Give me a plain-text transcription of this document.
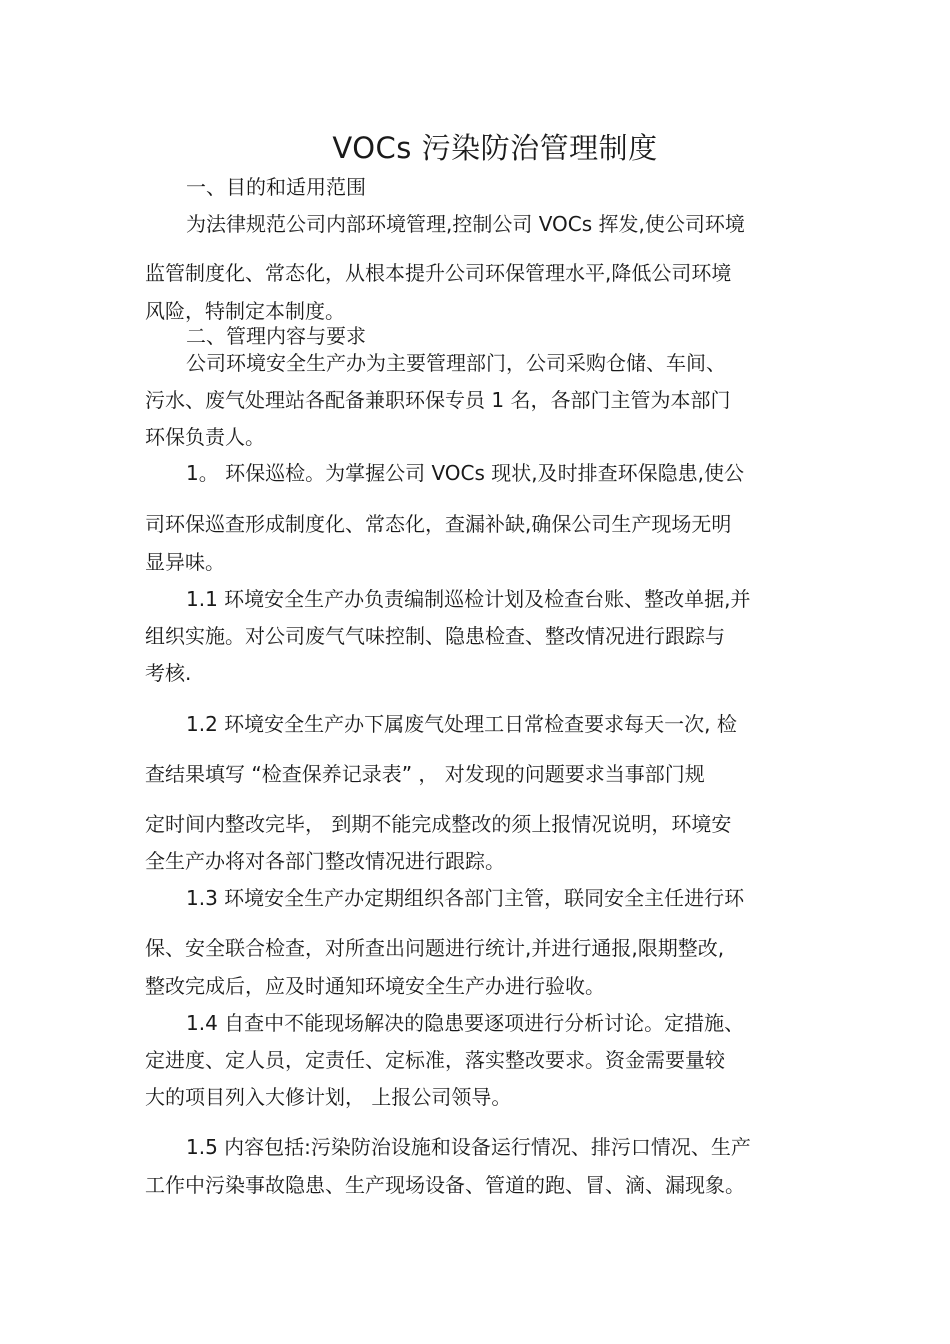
VOCs 污染防治管理制度
一、目的和适用范围
为法律规范公司内部环境管理,控制公司 VOCs 挥发,使公司环境
监管制度化、常态化，从根本提升公司环保管理水平,降低公司环境
风险，特制定本制度。
二、管理内容与要求
公司环境安全生产办为主要管理部门，公司采购仓储、车间、
污水、废气处理站各配备兼职环保专员 1 名，各部门主管为本部门
环保负责人。
1。 环保巡检。为掌握公司 VOCs 现状,及时排查环保隐患,使公
司环保巡查形成制度化、常态化，查漏补缺,确保公司生产现场无明
显异味。
1.1 环境安全生产办负责编制巡检计划及检查台账、整改单据,并
组织实施。对公司废气气味控制、隐患检查、整改情况进行跟踪与
考核.
1.2 环境安全生产办下属废气处理工日常检查要求每天一次, 检
查结果填写 “检查保养记录表” ， 对发现的问题要求当事部门规
定时间内整改完毕， 到期不能完成整改的须上报情况说明，环境安
全生产办将对各部门整改情况进行跟踪。
1.3 环境安全生产办定期组织各部门主管，联同安全主任进行环
保、安全联合检查，对所查出问题进行统计,并进行通报,限期整改,
整改完成后，应及时通知环境安全生产办进行验收。
1.4 自查中不能现场解决的隐患要逐项进行分析讨论。定措施、
定进度、定人员，定责任、定标准，落实整改要求。资金需要量较
大的项目列入大修计划， 上报公司领导。
1.5 内容包括:污染防治设施和设备运行情况、排污口情况、生产
工作中污染事故隐患、生产现场设备、管道的跑、冒、滴、漏现象。
